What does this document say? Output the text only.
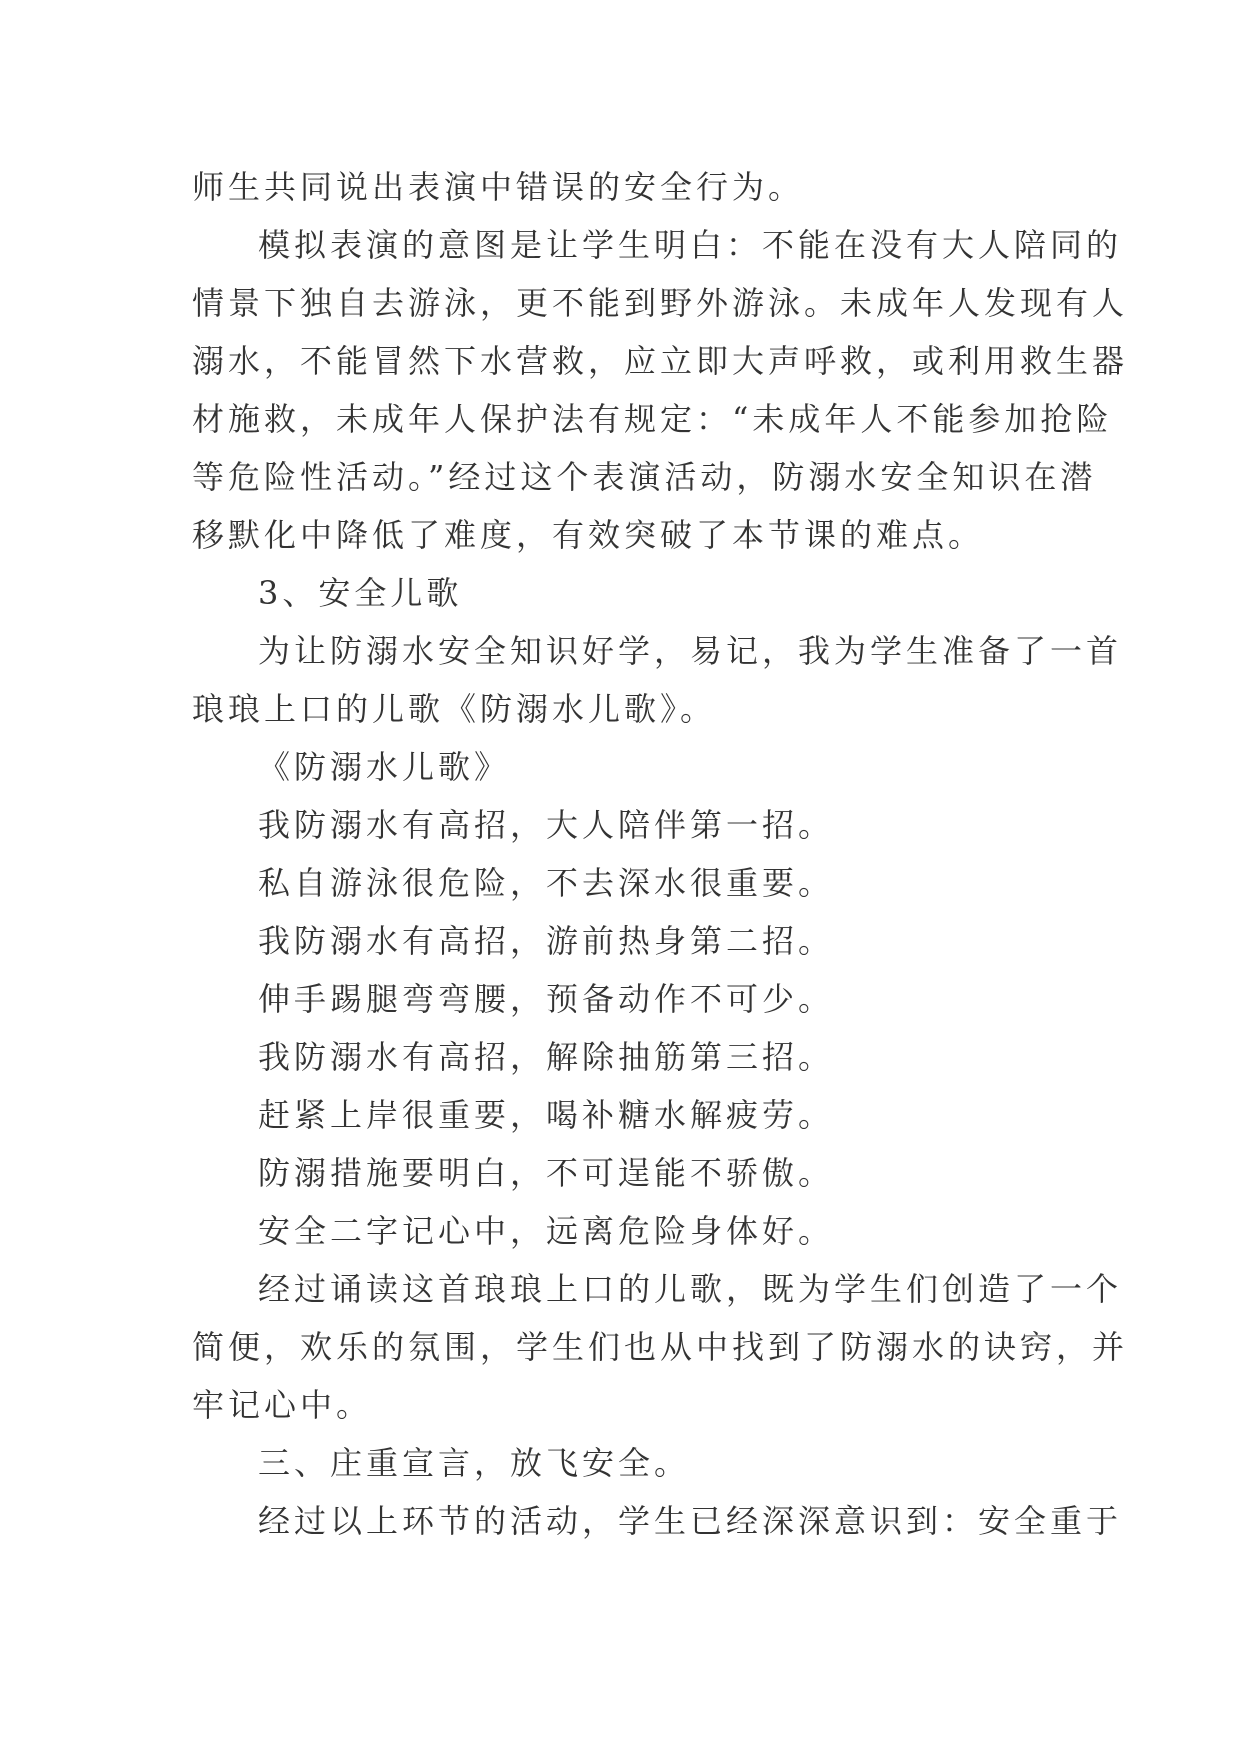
师生共同说出表演中错误的安全行为。

模拟表演的意图是让学生明白：不能在没有大人陪同的
情景下独自去游泳，更不能到野外游泳。未成年人发现有人
溺水，不能冒然下水营救，应立即大声呼救，或利用救生器
材施救，未成年人保护法有规定：“未成年人不能参加抢险
等危险性活动。”经过这个表演活动，防溺水安全知识在潜
移默化中降低了难度，有效突破了本节课的难点。

3、安全儿歌

为让防溺水安全知识好学，易记，我为学生准备了一首
琅琅上口的儿歌《防溺水儿歌》。

《防溺水儿歌》

我防溺水有高招，大人陪伴第一招。

私自游泳很危险，不去深水很重要。

我防溺水有高招，游前热身第二招。

伸手踢腿弯弯腰，预备动作不可少。

我防溺水有高招，解除抽筋第三招。

赶紧上岸很重要，喝补糖水解疲劳。

防溺措施要明白，不可逞能不骄傲。

安全二字记心中，远离危险身体好。

经过诵读这首琅琅上口的儿歌，既为学生们创造了一个
简便，欢乐的氛围，学生们也从中找到了防溺水的诀窍，并
牢记心中。

三、庄重宣言，放飞安全。

经过以上环节的活动，学生已经深深意识到：安全重于
